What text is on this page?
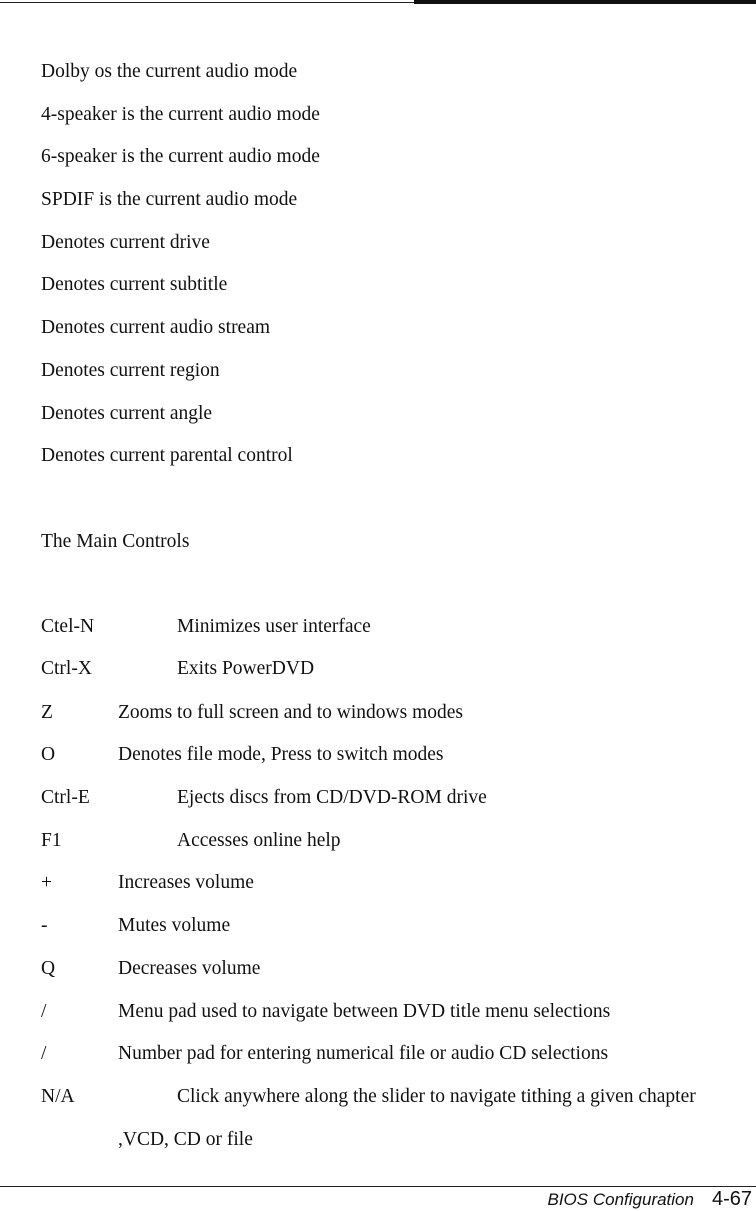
Dolby os the current audio mode
4-speaker is the current audio mode
6-speaker is the current audio mode
SPDIF is the current audio mode
Denotes current drive
Denotes current subtitle
Denotes current audio stream
Denotes current region
Denotes current angle
Denotes current parental control
The Main Controls
Ctel-N	Minimizes user interface
Ctrl-X	Exits PowerDVD
Z	Zooms to full screen and to windows modes
O	Denotes file mode, Press to switch modes
Ctrl-E	Ejects discs from CD/DVD-ROM drive
F1	Accesses online help
+	Increases volume
-	Mutes volume
Q	Decreases volume
/	Menu pad used to navigate between DVD title menu selections
/	Number pad for entering numerical file or audio CD selections
N/A	Click anywhere along the slider to navigate tithing a given chapter
,VCD, CD or file
BIOS Configuration 4-67
